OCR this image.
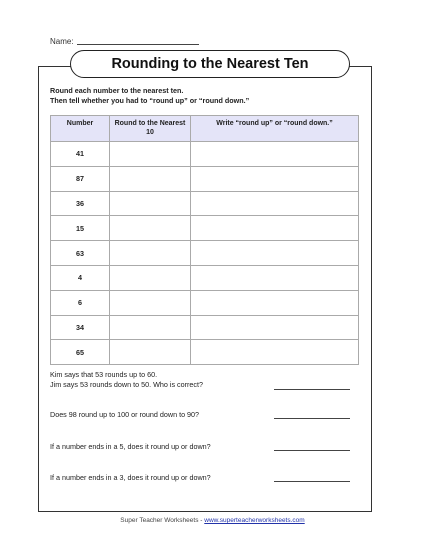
Name:
Rounding to the Nearest Ten
Round each number to the nearest ten.
Then tell whether you had to “round up” or “round down.”
Number	Round to the Nearest 10	Write “round up” or “round down.”
41		
87		
36		
15		
63		
4		
6		
34		
65		
Kim says that 53 rounds up to 60.
Jim says 53 rounds down to 50. Who is correct?
Does 98 round up to 100 or round down to 90?
If a number ends in a 5, does it round up or down?
If a number ends in a 3, does it round up or down?
Super Teacher Worksheets - www.superteacherworksheets.com
